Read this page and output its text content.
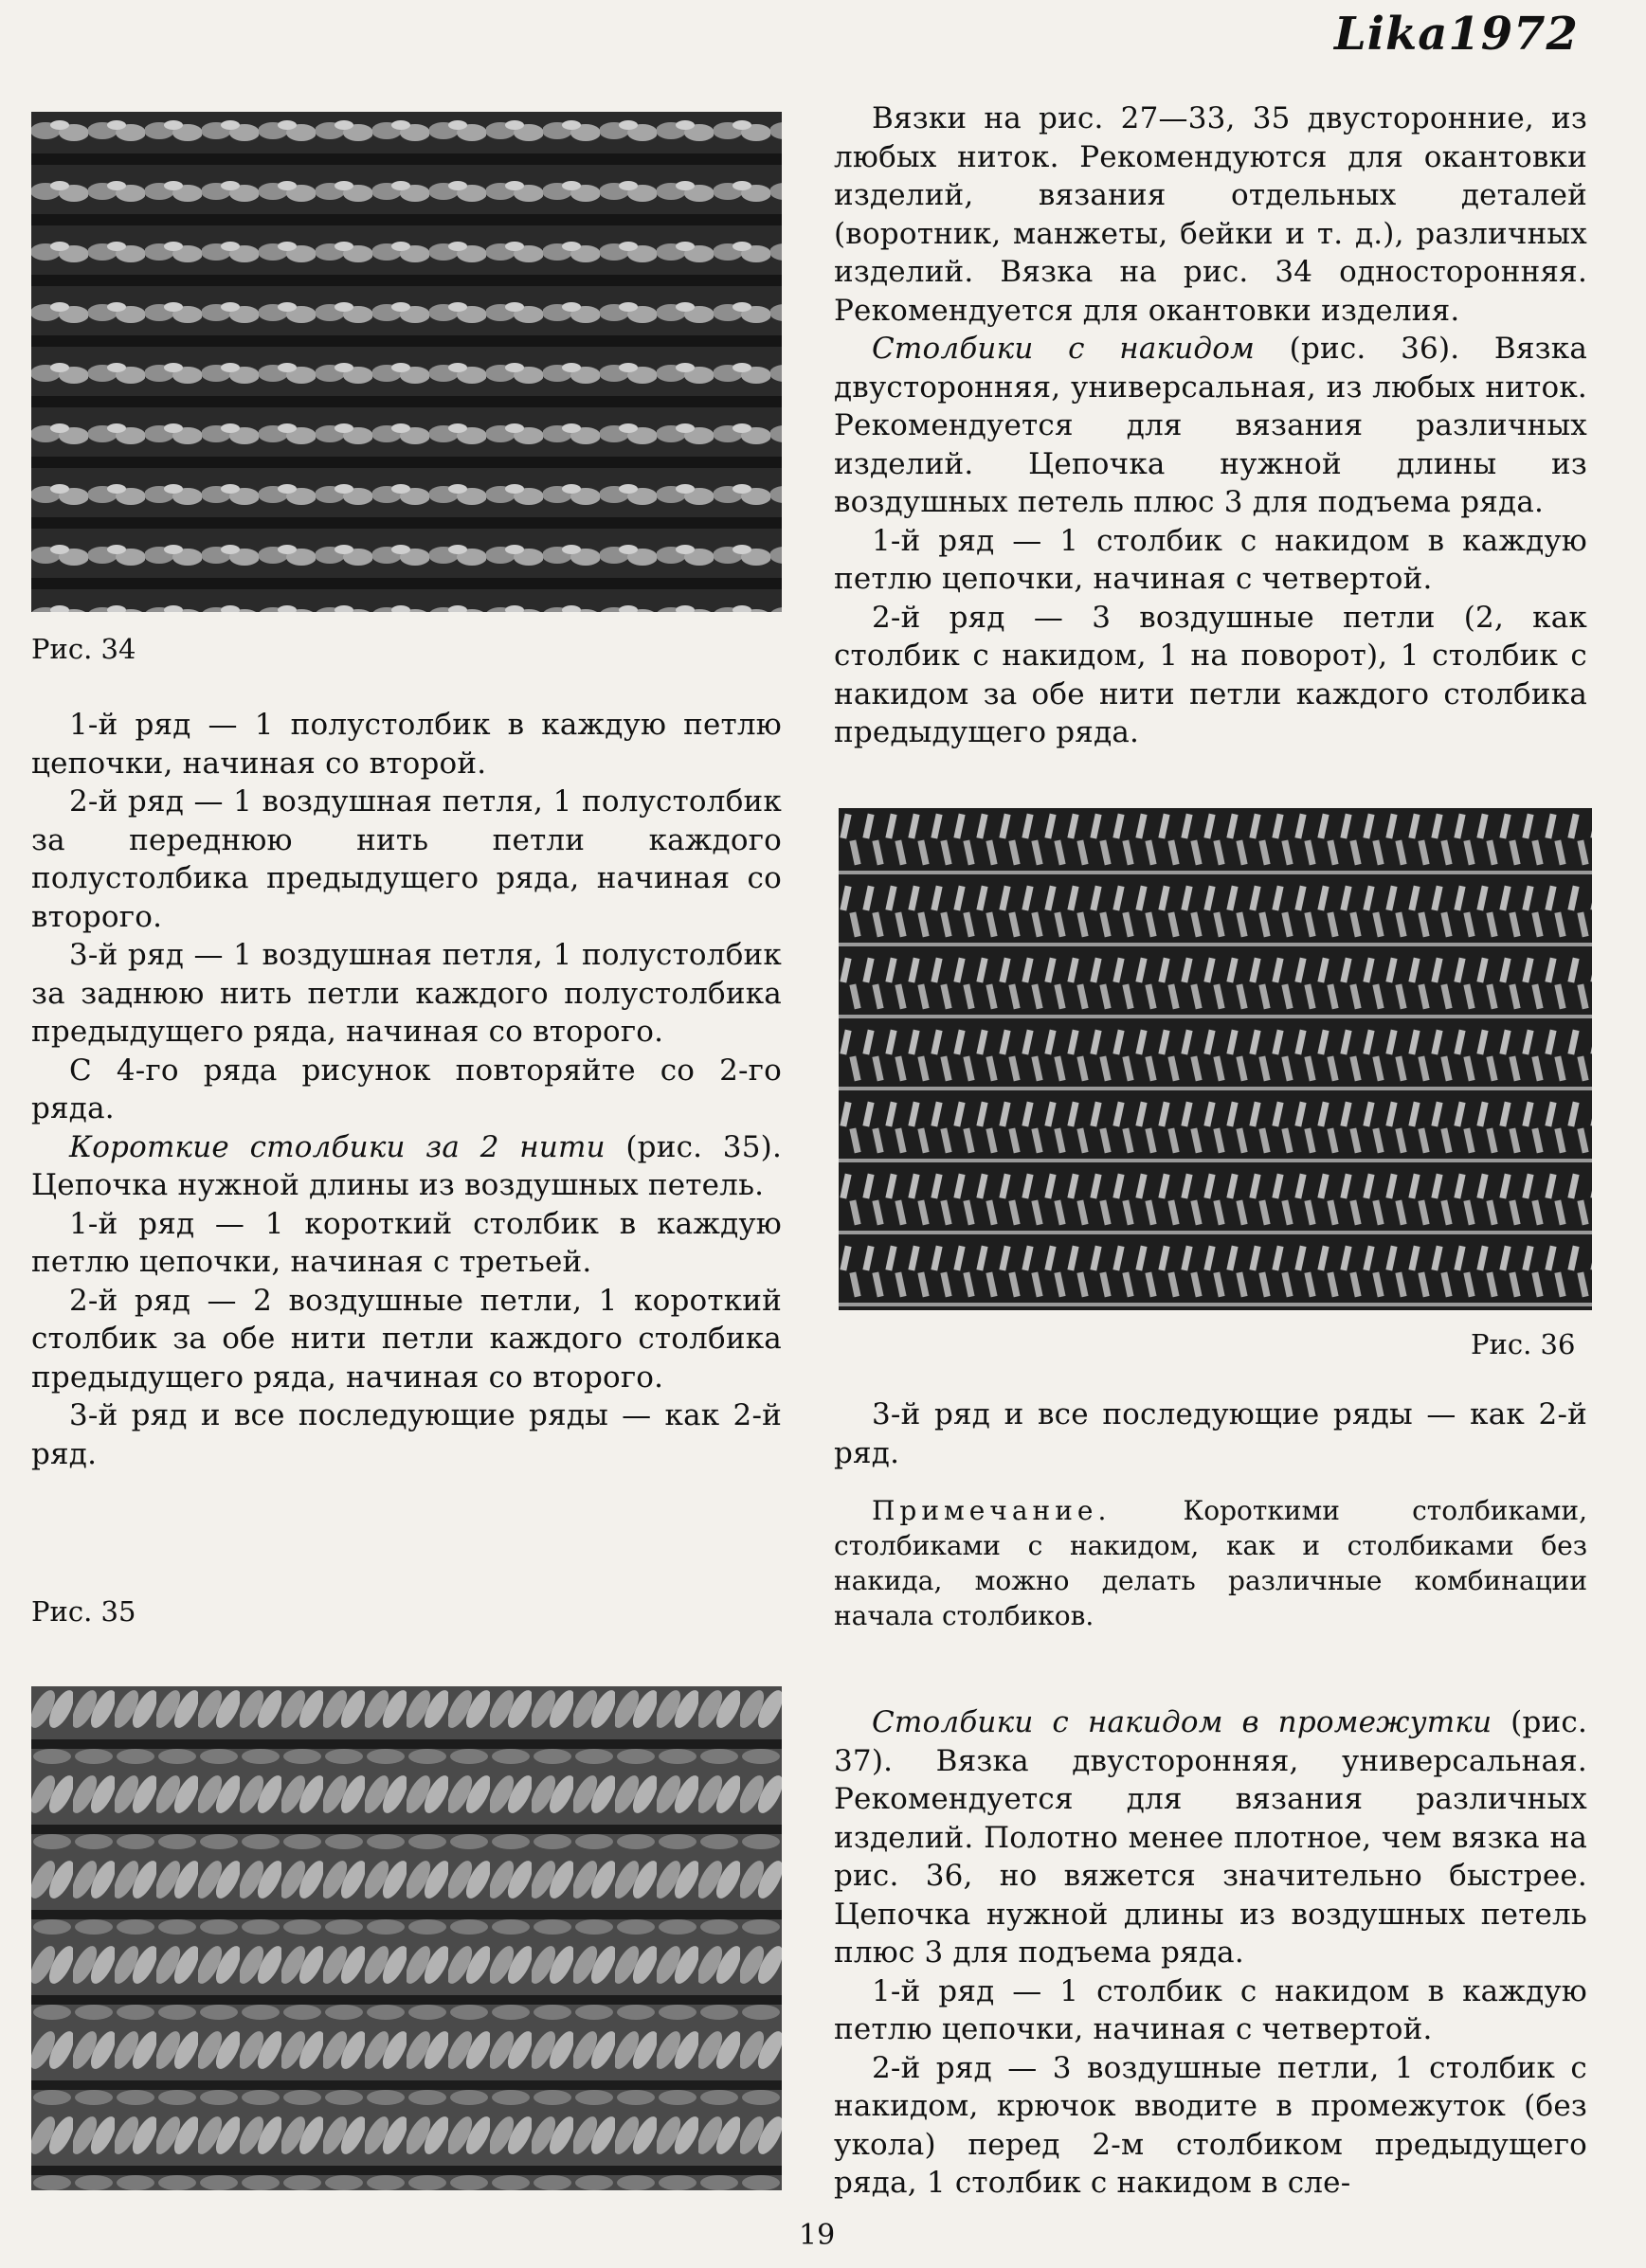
Lika1972
Рис. 34

1-й ряд — 1 полустолбик в каждую петлю цепочки, начиная со второй.

2-й ряд — 1 воздушная петля, 1 полустолбик за переднюю нить петли каждого полустолбика предыдущего ряда, начиная со второго.

3-й ряд — 1 воздушная петля, 1 полустолбик за заднюю нить петли каждого полустолбика предыдущего ряда, начиная со второго.

С 4-го ряда рисунок повторяйте со 2-го ряда.

Короткие столбики за 2 нити (рис. 35). Цепочка нужной длины из воздушных петель.

1-й ряд — 1 короткий столбик в каждую петлю цепочки, начиная с третьей.

2-й ряд — 2 воздушные петли, 1 короткий столбик за обе нити петли каждого столбика предыдущего ряда, начиная со второго.

3-й ряд и все последующие ряды — как 2-й ряд.

Рис. 35

Вязки на рис. 27—33, 35 двусторонние, из любых ниток. Рекомендуются для окантовки изделий, вязания отдельных деталей (воротник, манжеты, бейки и т. д.), различных изделий. Вязка на рис. 34 односторонняя. Рекомендуется для окантовки изделия.

Столбики с накидом (рис. 36). Вязка двусторонняя, универсальная, из любых ниток. Рекомендуется для вязания различных изделий. Цепочка нужной длины из воздушных петель плюс 3 для подъема ряда.

1-й ряд — 1 столбик с накидом в каждую петлю цепочки, начиная с четвертой.

2-й ряд — 3 воздушные петли (2, как столбик с накидом, 1 на поворот), 1 столбик с накидом за обе нити петли каждого столбика предыдущего ряда.

Рис. 36

3-й ряд и все последующие ряды — как 2-й ряд.

Примечание. Короткими столбиками, столбиками с накидом, как и столбиками без накида, можно делать различные комбинации начала столбиков.

Столбики с накидом в промежутки (рис. 37). Вязка двусторонняя, универсальная. Рекомендуется для вязания различных изделий. Полотно менее плотное, чем вязка на рис. 36, но вяжется значительно быстрее. Цепочка нужной длины из воздушных петель плюс 3 для подъема ряда.

1-й ряд — 1 столбик с накидом в каждую петлю цепочки, начиная с четвертой.

2-й ряд — 3 воздушные петли, 1 столбик с накидом, крючок вводите в промежуток (без укола) перед 2-м столбиком предыдущего ряда, 1 столбик с накидом в сле-

19
